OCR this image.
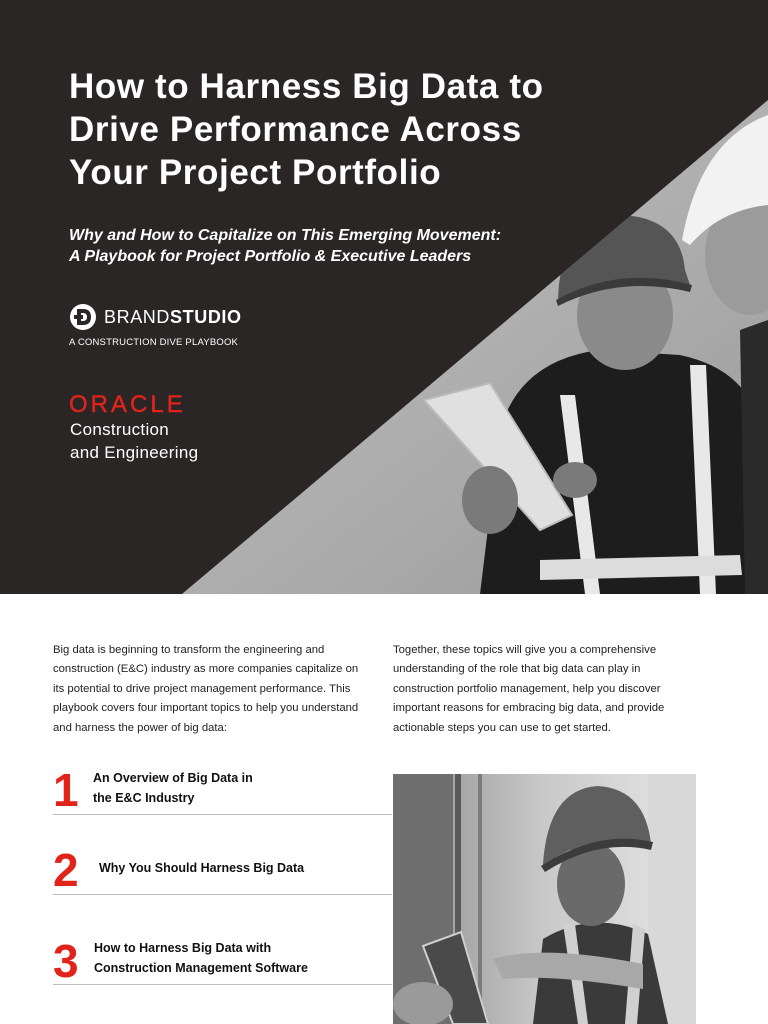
How to Harness Big Data to
Drive Performance Across
Your Project Portfolio

Why and How to Capitalize on This Emerging Movement:
A Playbook for Project Portfolio & Executive Leaders

BRANDSTUDIO
A CONSTRUCTION DIVE PLAYBOOK
ORACLE
Construction
and Engineering

Big data is beginning to transform the engineering and
construction (E&C) industry as more companies capitalize on
its potential to drive project management performance. This
playbook covers four important topics to help you understand
and harness the power of big data:

Together, these topics will give you a comprehensive
understanding of the role that big data can play in
construction portfolio management, help you discover
important reasons for embracing big data, and provide
actionable steps you can use to get started.

1 An Overview of Big Data in
the E&C Industry
2 Why You Should Harness Big Data
3 How to Harness Big Data with
Construction Management Software
